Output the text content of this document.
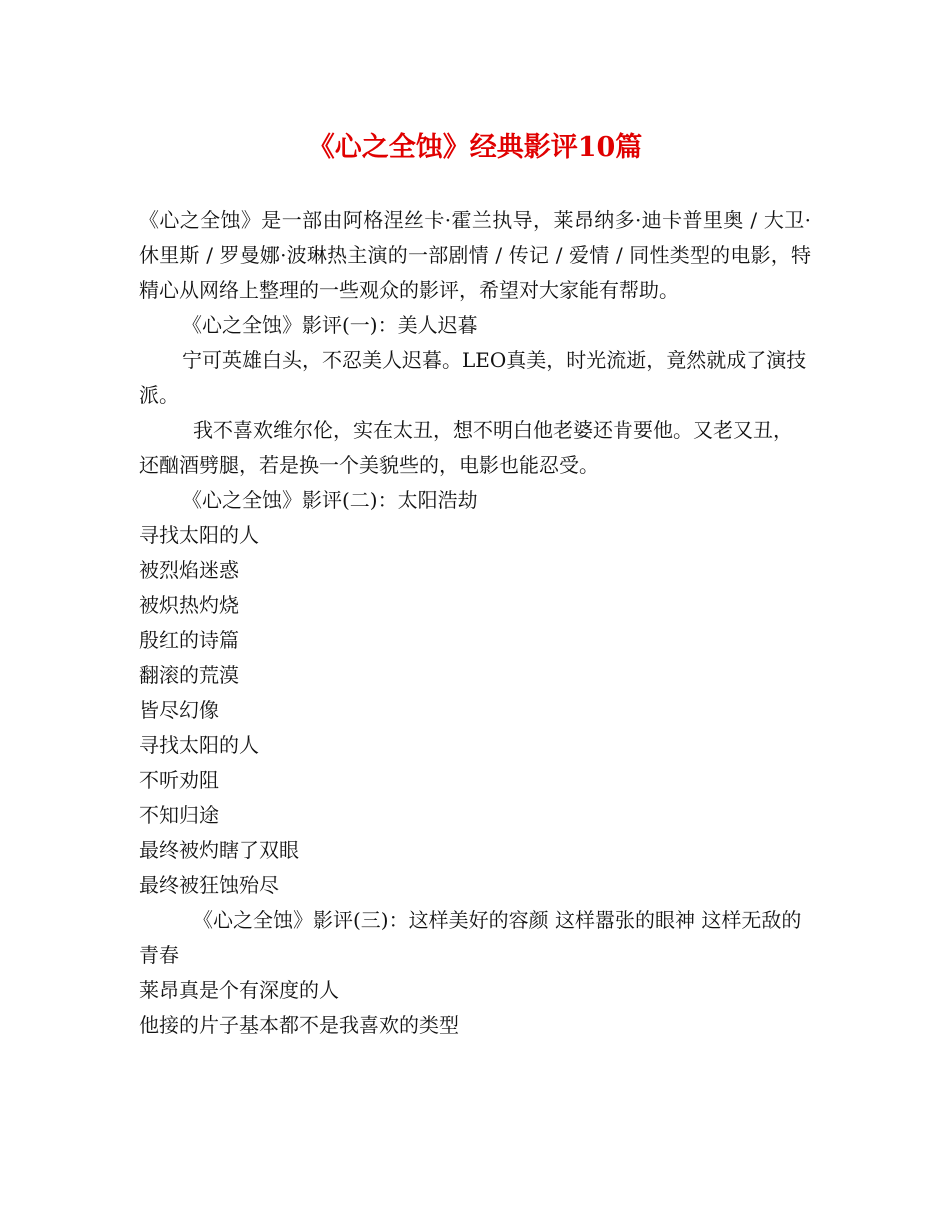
《心之全蚀》经典影评10篇

《心之全蚀》是一部由阿格涅丝卡·霍兰执导，莱昂纳多·迪卡普里奥 / 大卫·休里斯 / 罗曼娜·波琳热主演的一部剧情 / 传记 / 爱情 / 同性类型的电影，特精心从网络上整理的一些观众的影评，希望对大家能有帮助。

《心之全蚀》影评(一)：美人迟暮

宁可英雄白头，不忍美人迟暮。LEO真美，时光流逝，竟然就成了演技派。

我不喜欢维尔伦，实在太丑，想不明白他老婆还肯要他。又老又丑，还酗酒劈腿，若是换一个美貌些的，电影也能忍受。

《心之全蚀》影评(二)：太阳浩劫

寻找太阳的人

被烈焰迷惑

被炽热灼烧

殷红的诗篇

翻滚的荒漠

皆尽幻像

寻找太阳的人

不听劝阻

不知归途

最终被灼瞎了双眼

最终被狂蚀殆尽

《心之全蚀》影评(三)：这样美好的容颜 这样嚣张的眼神 这样无敌的青春

莱昂真是个有深度的人

他接的片子基本都不是我喜欢的类型
